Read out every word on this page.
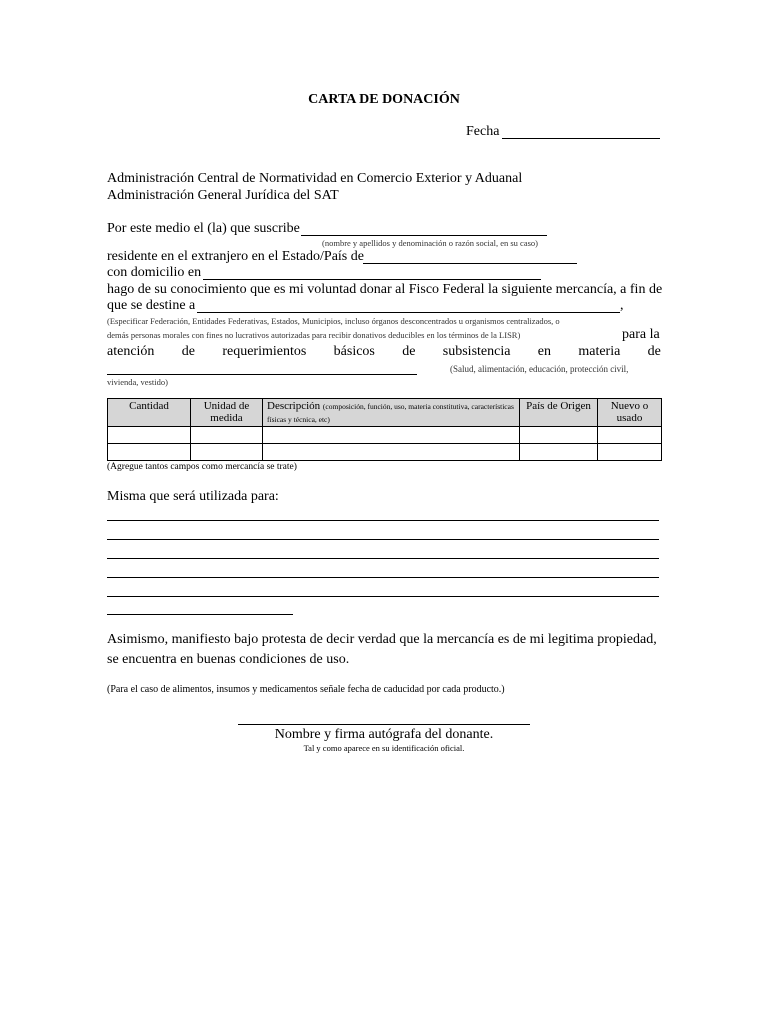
CARTA DE DONACIÓN
Fecha
Administración Central de Normatividad en Comercio Exterior y Aduanal
Administración General Jurídica del SAT
Por este medio el (la) que suscribe
(nombre y apellidos y denominación o razón social, en su caso)
residente en el extranjero en el Estado/País de
con domicilio en
hago de su conocimiento que es mi voluntad donar al Fisco Federal la siguiente mercancía, a fin de
que se destine a	,
(Especificar Federación, Entidades Federativas, Estados, Municipios, incluso órganos desconcentrados u organismos centralizados, o
demás personas morales con fines no lucrativos autorizadas para recibir donativos deducibles en los términos de la LISR)	para la
atención de requerimientos básicos de subsistencia en materia de
(Salud, alimentación, educación, protección civil,
vivienda, vestido)
Cantidad	Unidad de medida	Descripción (composición, función, uso, materia constitutiva, características físicas y técnica, etc)	País de Origen	Nuevo o usado

(Agregue tantos campos como mercancía se trate)
Misma que será utilizada para:
Asimismo, manifiesto bajo protesta de decir verdad que la mercancía es de mi legitima propiedad,
se encuentra en buenas condiciones de uso.
(Para el caso de alimentos, insumos y medicamentos señale fecha de caducidad por cada producto.)
Nombre y firma autógrafa del donante.
Tal y como aparece en su identificación oficial.
